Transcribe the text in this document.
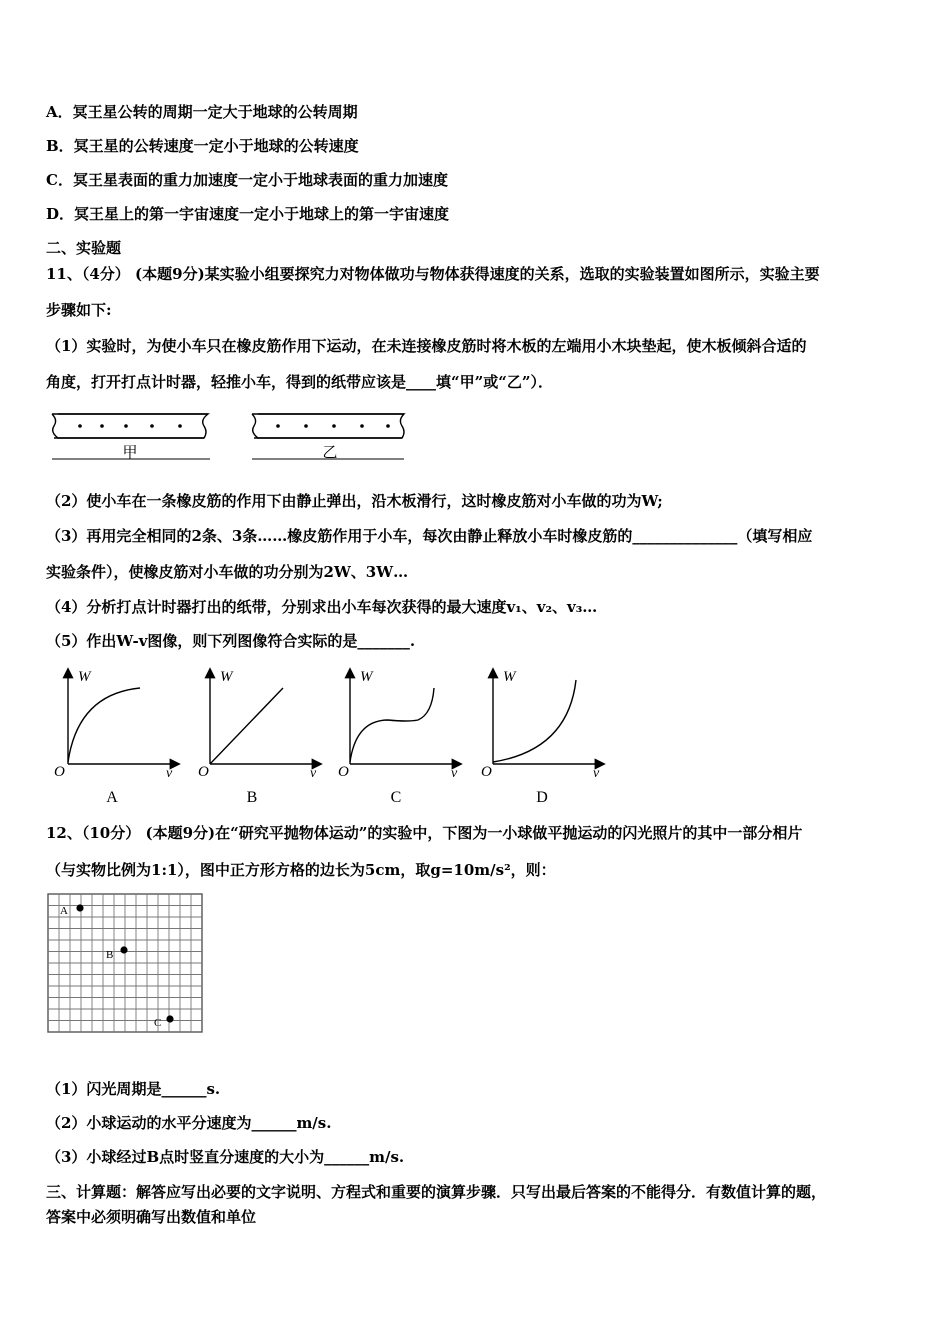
A．冥王星公转的周期一定大于地球的公转周期
B．冥王星的公转速度一定小于地球的公转速度
C．冥王星表面的重力加速度一定小于地球表面的重力加速度
D．冥王星上的第一宇宙速度一定小于地球上的第一宇宙速度
二、实验题
11、（4分） (本题9分)某实验小组要探究力对物体做功与物体获得速度的关系，选取的实验装置如图所示，实验主要
步骤如下:
（1）实验时，为使小车只在橡皮筋作用下运动，在未连接橡皮筋时将木板的左端用小木块垫起，使木板倾斜合适的
角度，打开打点计时器，轻推小车，得到的纸带应该是____填“甲”或“乙”）．
甲	乙
（2）使小车在一条橡皮筋的作用下由静止弹出，沿木板滑行，这时橡皮筋对小车做的功为W;
（3）再用完全相同的2条、3条……橡皮筋作用于小车，每次由静止释放小车时橡皮筋的______________（填写相应
实验条件），使橡皮筋对小车做的功分别为2W、3W…
（4）分析打点计时器打出的纸带，分别求出小车每次获得的最大速度v₁、v₂、v₃…
（5）作出W-v图像，则下列图像符合实际的是_______.
W
v
O
A
W
v
O
B
W
v
O
C
W
v
O
D
12、（10分） (本题9分)在“研究平抛物体运动”的实验中，下图为一小球做平抛运动的闪光照片的其中一部分相片
（与实物比例为1:1），图中正方形方格的边长为5cm，取g=10m/s²，则：
A
B
C
（1）闪光周期是______s.
（2）小球运动的水平分速度为______m/s.
（3）小球经过B点时竖直分速度的大小为______m/s.
三、计算题：解答应写出必要的文字说明、方程式和重要的演算步骤．只写出最后答案的不能得分．有数值计算的题，
答案中必须明确写出数值和单位
